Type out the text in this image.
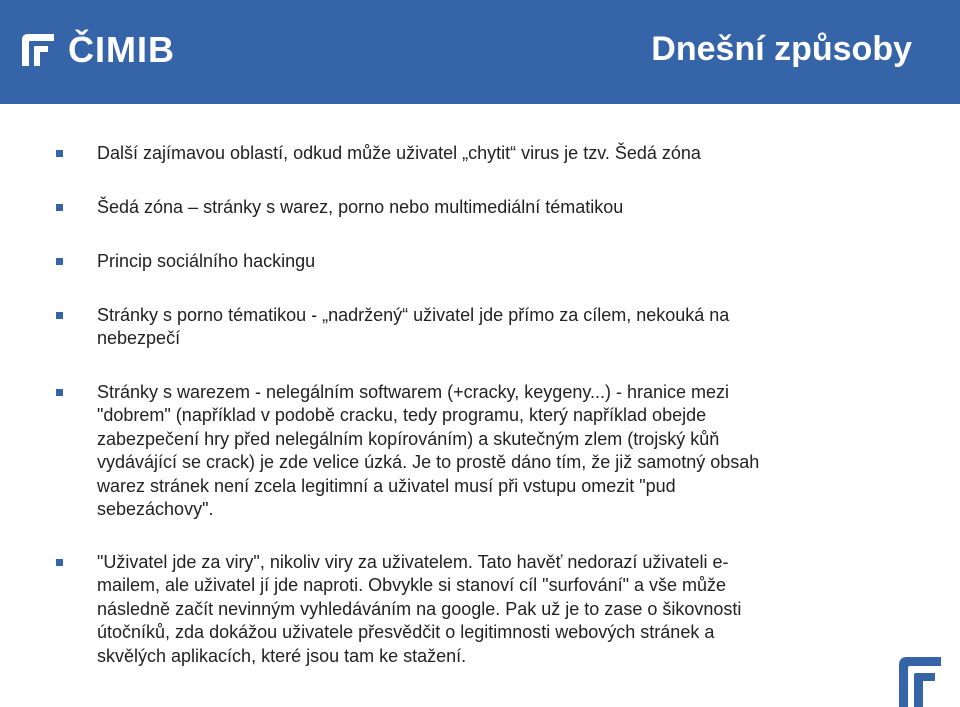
ČIMIB	Dnešní způsoby
Další zajímavou oblastí, odkud může uživatel „chytit“ virus je tzv. Šedá zóna
Šedá zóna – stránky s warez, porno nebo multimediální tématikou
Princip sociálního hackingu
Stránky s porno tématikou - „nadržený“ uživatel jde přímo za cílem, nekouká na nebezpečí
Stránky s warezem - nelegálním softwarem (+cracky, keygeny...) - hranice mezi "dobrem" (například v podobě cracku, tedy programu, který například obejde zabezpečení hry před nelegálním kopírováním) a skutečným zlem (trojský kůň vydávájící se crack) je zde velice úzká. Je to prostě dáno tím, že již samotný obsah warez stránek není zcela legitimní a uživatel musí při vstupu omezit "pud sebezáchovy".
"Uživatel jde za viry", nikoliv viry za uživatelem. Tato havěť nedorazí uživateli e-mailem, ale uživatel jí jde naproti. Obvykle si stanoví cíl "surfování" a vše může následně začít nevinným vyhledáváním na google. Pak už je to zase o šikovnosti útočníků, zda dokážou uživatele přesvědčit o legitimnosti webových stránek a skvělých aplikacích, které jsou tam ke stažení.
